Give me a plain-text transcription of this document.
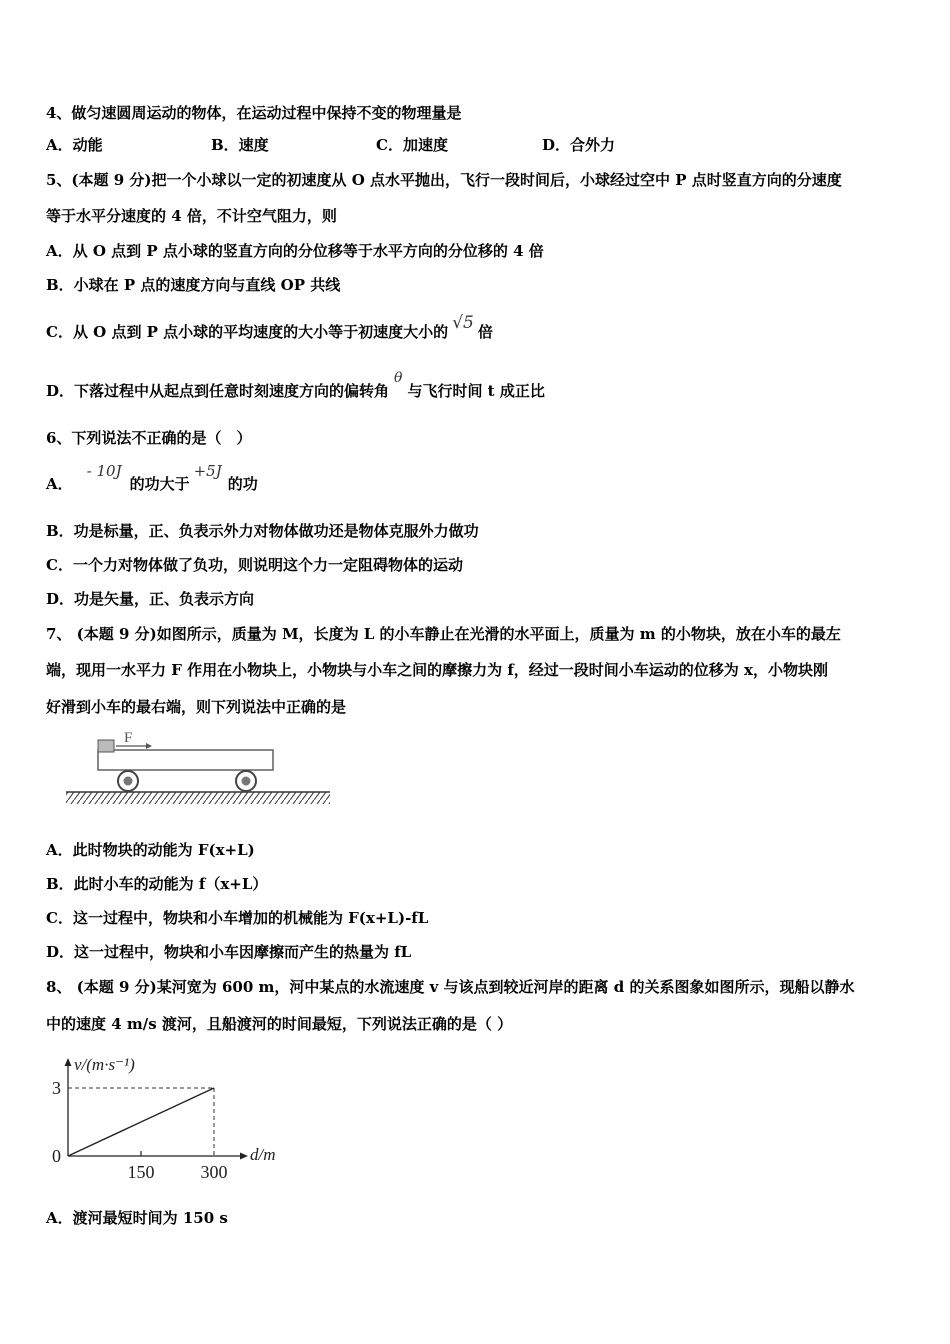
4、做匀速圆周运动的物体，在运动过程中保持不变的物理量是
A．动能	B．速度	C．加速度	D．合外力
5、(本题 9 分)把一个小球以一定的初速度从 O 点水平抛出，飞行一段时间后，小球经过空中 P 点时竖直方向的分速度
等于水平分速度的 4 倍，不计空气阻力，则
A．从 O 点到 P 点小球的竖直方向的分位移等于水平方向的分位移的 4 倍
B．小球在 P 点的速度方向与直线 OP 共线
C．从 O 点到 P 点小球的平均速度的大小等于初速度大小的 √5 倍
D．下落过程中从起点到任意时刻速度方向的偏转角θ与飞行时间 t 成正比
6、下列说法不正确的是（　）
A．- 10J的功大于+5J的功
B．功是标量，正、负表示外力对物体做功还是物体克服外力做功
C．一个力对物体做了负功，则说明这个力一定阻碍物体的运动
D．功是矢量，正、负表示方向
7、 (本题 9 分)如图所示，质量为 M，长度为 L 的小车静止在光滑的水平面上，质量为 m 的小物块，放在小车的最左
端，现用一水平力 F 作用在小物块上，小物块与小车之间的摩擦力为 f，经过一段时间小车运动的位移为 x，小物块刚
好滑到小车的最右端，则下列说法中正确的是
F
A．此时物块的动能为 F(x+L)
B．此时小车的动能为 f（x+L）
C．这一过程中，物块和小车增加的机械能为 F(x+L)-fL
D．这一过程中，物块和小车因摩擦而产生的热量为 fL
8、 (本题 9 分)某河宽为 600 m，河中某点的水流速度 v 与该点到较近河岸的距离 d 的关系图象如图所示，现船以静水
中的速度 4 m/s 渡河，且船渡河的时间最短，下列说法正确的是（ ）
v/(m·s⁻¹)
d/m
0
150	300
3
A．渡河最短时间为 150 s
